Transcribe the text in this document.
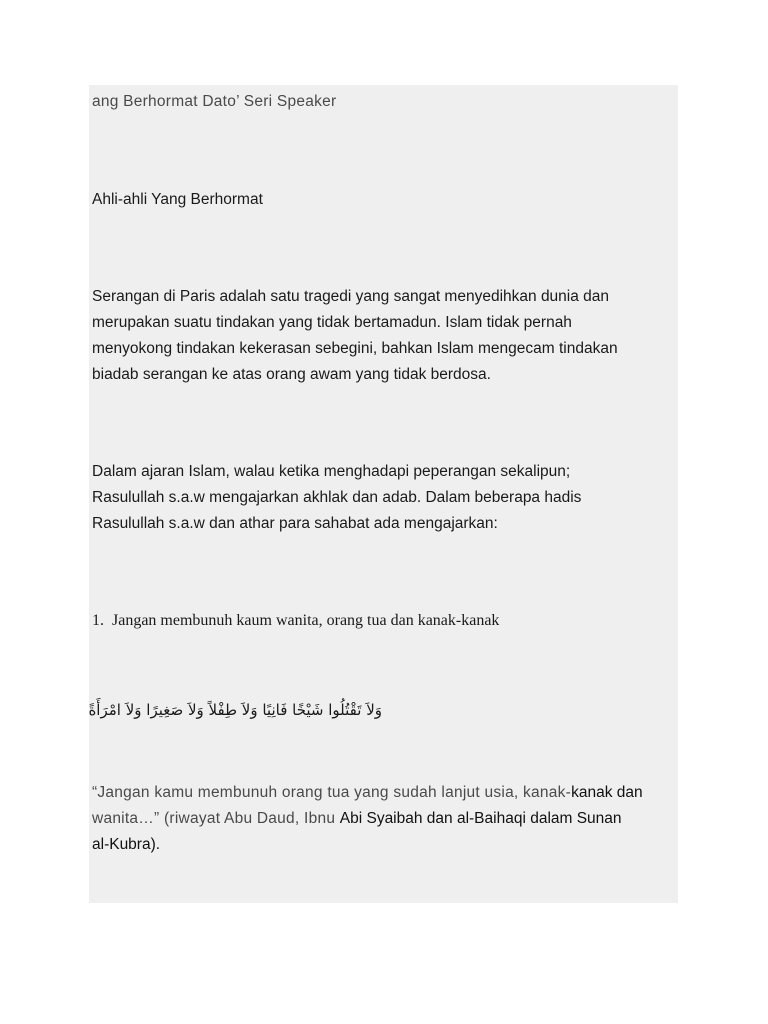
ang Berhormat Dato’ Seri Speaker

Ahli-ahli Yang Berhormat

Serangan di Paris adalah satu tragedi yang sangat menyedihkan dunia dan

merupakan suatu tindakan yang tidak bertamadun. Islam tidak pernah

menyokong tindakan kekerasan sebegini, bahkan Islam mengecam tindakan

biadab serangan ke atas orang awam yang tidak berdosa.

Dalam ajaran Islam, walau ketika menghadapi peperangan sekalipun;

Rasulullah s.a.w mengajarkan akhlak dan adab. Dalam beberapa hadis

Rasulullah s.a.w dan athar para sahabat ada mengajarkan:

1. Jangan membunuh kaum wanita, orang tua dan kanak-kanak

وَلاَ تَقْتُلُوا شَيْخًا فَانِيًا وَلاَ طِفْلاً وَلاَ صَغِيرًا وَلاَ امْرَأَةً

“Jangan kamu membunuh orang tua yang sudah lanjut usia, kanak-kanak dan

wanita…” (riwayat Abu Daud, Ibnu Abi Syaibah dan al-Baihaqi dalam Sunan

al-Kubra).
